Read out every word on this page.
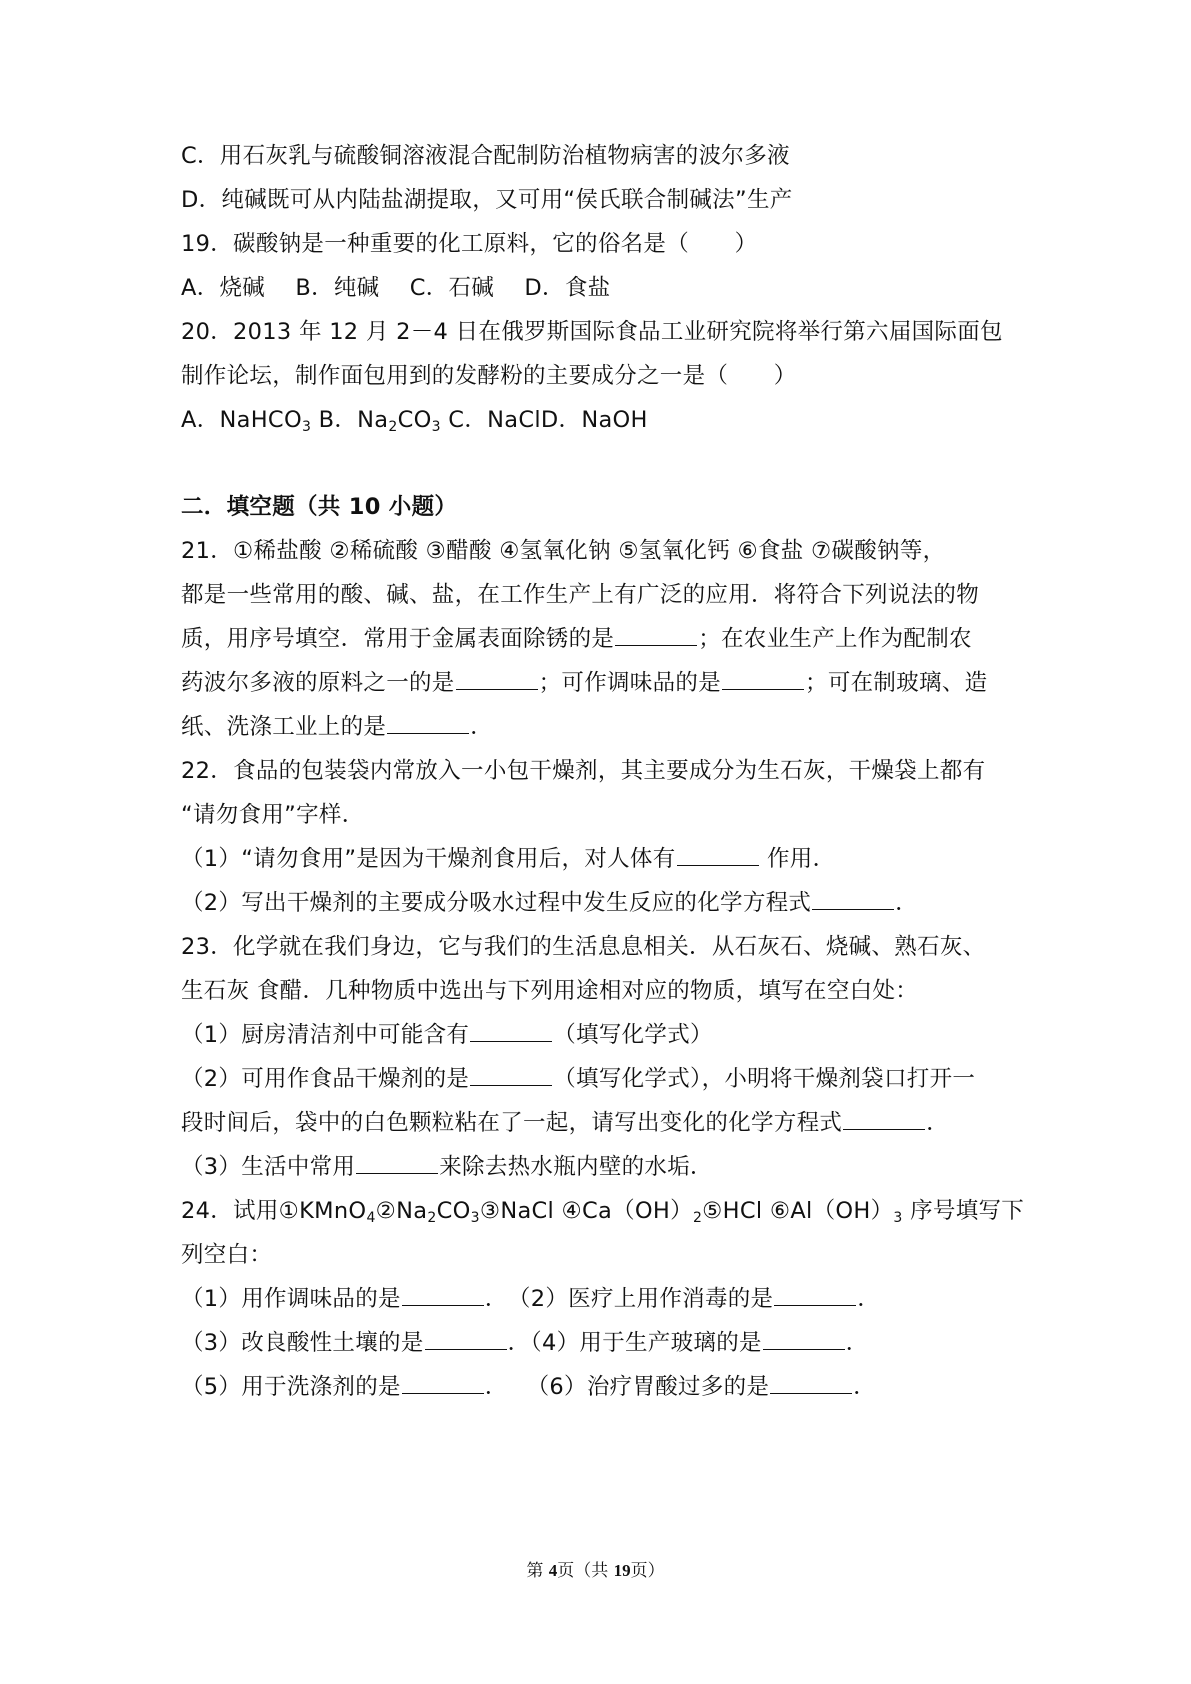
C．用石灰乳与硫酸铜溶液混合配制防治植物病害的波尔多液
D．纯碱既可从内陆盐湖提取，又可用“侯氏联合制碱法”生产
19．碳酸钠是一种重要的化工原料，它的俗名是（　　）
A．烧碱　 B．纯碱　 C．石碱　 D．食盐
20．2013 年 12 月 2－4 日在俄罗斯国际食品工业研究院将举行第六届国际面包
制作论坛，制作面包用到的发酵粉的主要成分之一是（　　）
A．NaHCO$_3$ B．$Na_2CO_3$ C．NaClD．NaOH
二．填空题（共 10 小题）
21．①稀盐酸 ②稀硫酸 ③醋酸 ④氢氧化钠 ⑤氢氧化钙 ⑥食盐 ⑦碳酸钠等，
都是一些常用的酸、碱、盐，在工作生产上有广泛的应用．将符合下列说法的物
质，用序号填空．常用于金属表面除锈的是	；在农业生产上作为配制农
药波尔多液的原料之一的是	；可作调味品的是	；可在制玻璃、造
纸、洗涤工业上的是	．
22．食品的包装袋内常放入一小包干燥剂，其主要成分为生石灰，干燥袋上都有
“请勿食用”字样．
（1）“请勿食用”是因为干燥剂食用后，对人体有	作用．
（2）写出干燥剂的主要成分吸水过程中发生反应的化学方程式	．
23．化学就在我们身边，它与我们的生活息息相关．从石灰石、烧碱、熟石灰、
生石灰 食醋．几种物质中选出与下列用途相对应的物质，填写在空白处：
（1）厨房清洁剂中可能含有	（填写化学式）
（2）可用作食品干燥剂的是	（填写化学式），小明将干燥剂袋口打开一
段时间后，袋中的白色颗粒粘在了一起，请写出变化的化学方程式	．
（3）生活中常用	来除去热水瓶内壁的水垢．
24．试用$①KMnO_4②Na_2CO_3③NaCl$ $④Ca(OH)_2⑤HCl$ $⑥Al(OH)_3$ 序号填写下
列空白：
（1）用作调味品的是	．　（2）医疗上用作消毒的是	．
（3）改良酸性土壤的是	．（4）用于生产玻璃的是	．
（5）用于洗涤剂的是	．　 （6）治疗胃酸过多的是	．
第 4页（共 19页）
